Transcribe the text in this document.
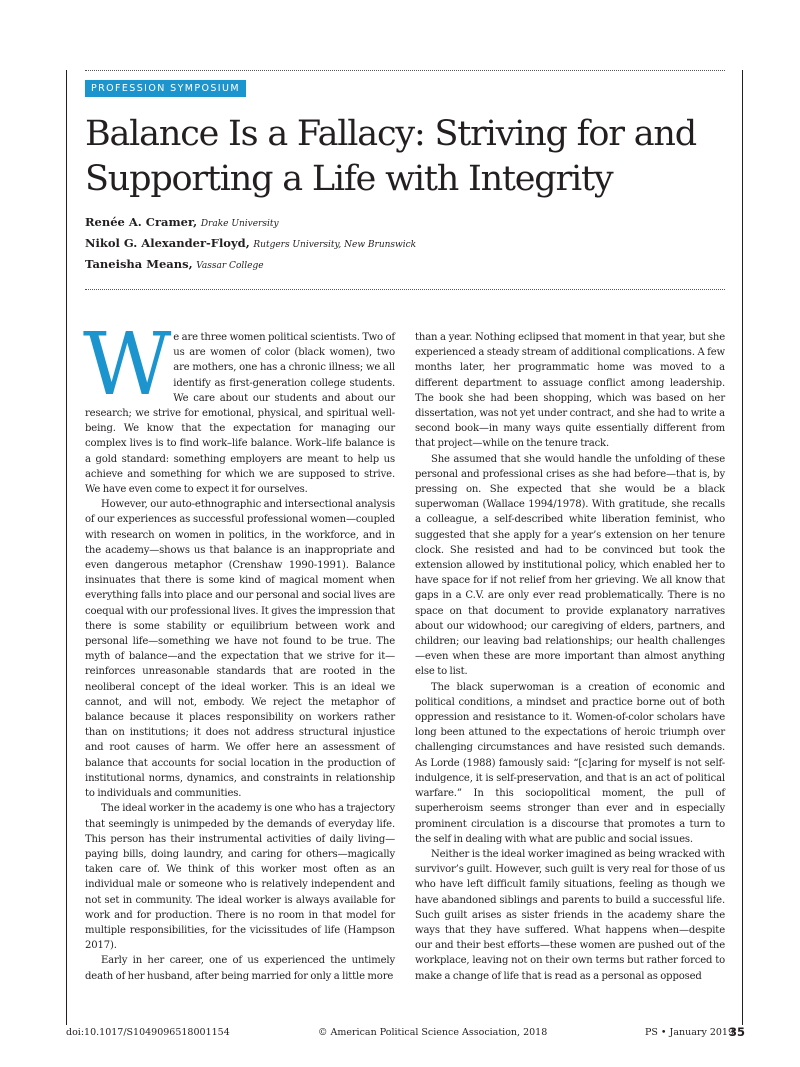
PROFESSION SYMPOSIUM
Balance Is a Fallacy: Striving for and Supporting a Life with Integrity
Renée A. Cramer, Drake University
Nikol G. Alexander-Floyd, Rutgers University, New Brunswick
Taneisha Means, Vassar College

We are three women political scientists. Two of us are women of color (black women), two are mothers, one has a chronic illness; we all identify as first-generation college students. We care about our students and about our research; we strive for emotional, physical, and spiritual well-being. We know that the expectation for managing our complex lives is to find work–life balance. Work–life balance is a gold standard: something employers are meant to help us achieve and something for which we are supposed to strive. We have even come to expect it for ourselves.

However, our auto-ethnographic and intersectional analysis of our experiences as successful professional women—coupled with research on women in politics, in the workforce, and in the academy—shows us that balance is an inappropriate and even dangerous metaphor (Crenshaw 1990-1991). Balance insinuates that there is some kind of magical moment when everything falls into place and our personal and social lives are coequal with our professional lives. It gives the impression that there is some stability or equilibrium between work and personal life—something we have not found to be true. The myth of balance—and the expectation that we strive for it—reinforces unreasonable standards that are rooted in the neoliberal concept of the ideal worker. This is an ideal we cannot, and will not, embody. We reject the metaphor of balance because it places responsibility on workers rather than on institutions; it does not address structural injustice and root causes of harm. We offer here an assessment of balance that accounts for social location in the production of institutional norms, dynamics, and constraints in relationship to individuals and communities.

The ideal worker in the academy is one who has a trajectory that seemingly is unimpeded by the demands of everyday life. This person has their instrumental activities of daily living—paying bills, doing laundry, and caring for others—magically taken care of. We think of this worker most often as an individual male or someone who is relatively independent and not set in community. The ideal worker is always available for work and for production. There is no room in that model for multiple responsibilities, for the vicissitudes of life (Hampson 2017).

Early in her career, one of us experienced the untimely death of her husband, after being married for only a little more

than a year. Nothing eclipsed that moment in that year, but she experienced a steady stream of additional complications. A few months later, her programmatic home was moved to a different department to assuage conflict among leadership. The book she had been shopping, which was based on her dissertation, was not yet under contract, and she had to write a second book—in many ways quite essentially different from that project—while on the tenure track.

She assumed that she would handle the unfolding of these personal and professional crises as she had before—that is, by pressing on. She expected that she would be a black superwoman (Wallace 1994/1978). With gratitude, she recalls a colleague, a self-described white liberation feminist, who suggested that she apply for a year’s extension on her tenure clock. She resisted and had to be convinced but took the extension allowed by institutional policy, which enabled her to have space for if not relief from her grieving. We all know that gaps in a C.V. are only ever read problematically. There is no space on that document to provide explanatory narratives about our widowhood; our caregiving of elders, partners, and children; our leaving bad relationships; our health challenges—even when these are more important than almost anything else to list.

The black superwoman is a creation of economic and political conditions, a mindset and practice borne out of both oppression and resistance to it. Women-of-color scholars have long been attuned to the expectations of heroic triumph over challenging circumstances and have resisted such demands. As Lorde (1988) famously said: “[c]aring for myself is not self-indulgence, it is self-preservation, and that is an act of political warfare.” In this sociopolitical moment, the pull of superheroism seems stronger than ever and in especially prominent circulation is a discourse that promotes a turn to the self in dealing with what are public and social issues.

Neither is the ideal worker imagined as being wracked with survivor’s guilt. However, such guilt is very real for those of us who have left difficult family situations, feeling as though we have abandoned siblings and parents to build a successful life. Such guilt arises as sister friends in the academy share the ways that they have suffered. What happens when—despite our and their best efforts—these women are pushed out of the workplace, leaving not on their own terms but rather forced to make a change of life that is read as a personal as opposed

doi:10.1017/S1049096518001154	© American Political Science Association, 2018	PS • January 2019
35
